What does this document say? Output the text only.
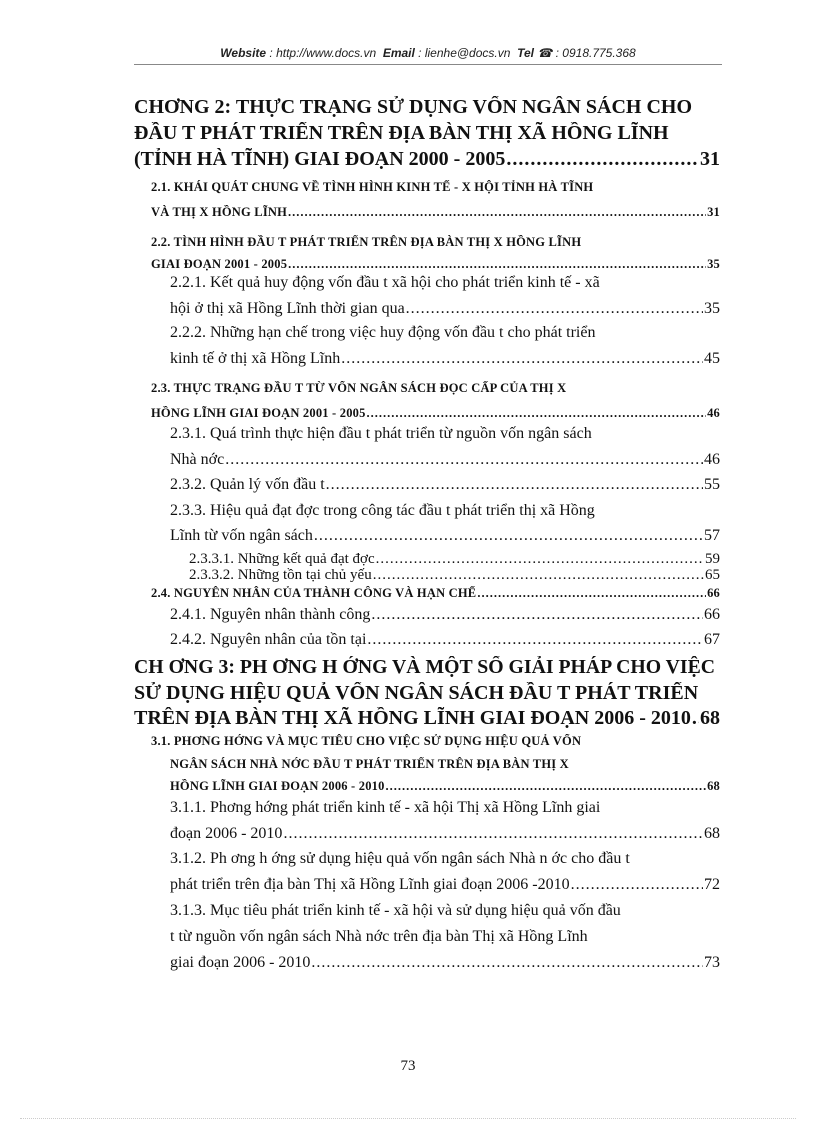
Website : http://www.docs.vn Email : lienhe@docs.vn Tel ☎ : 0918.775.368
CHƠNG 2: THỰC TRẠNG SỬ DỤNG VỐN NGÂN SÁCH CHO
ĐẦU T PHÁT TRIỂN TRÊN ĐỊA BÀN THỊ XÃ HỒNG LĨNH
(TỈNH HÀ TĨNH) GIAI ĐOẠN 2000 - 2005 .....	31
2.1. KHÁI QUÁT CHUNG VỀ TÌNH HÌNH KINH TẾ - X HỘI TỈNH HÀ TĨNH
VÀ THỊ X HỒNG LĨNH .....	31
2.2. TÌNH HÌNH ĐẦU T PHÁT TRIỂN TRÊN ĐỊA BÀN THỊ X HỒNG LĨNH
GIAI ĐOẠN 2001 - 2005 .....	35
2.2.1. Kết quả huy động vốn đầu t xã hội cho phát triển kinh tế - xã
hội ở thị xã Hồng Lĩnh thời gian qua .....	35
2.2.2. Những hạn chế trong việc huy động vốn đầu t cho phát triển
kinh tế ở thị xã Hồng Lĩnh .....	45
2.3. THỰC TRẠNG ĐẦU T TỪ VỐN NGÂN SÁCH ĐỌC CẤP CỦA THỊ X
HỒNG LĨNH GIAI ĐOẠN 2001 - 2005 .....	46
2.3.1. Quá trình thực hiện đầu t phát triển từ nguồn vốn ngân sách
Nhà nớc .....	46
2.3.2. Quản lý vốn đầu t .....	55
2.3.3. Hiệu quả đạt đợc trong công tác đầu t phát triển thị xã Hồng
Lĩnh từ vốn ngân sách .....	57
2.3.3.1. Những kết quả đạt đợc .....	59
2.3.3.2. Những tồn tại chủ yếu .....	65
2.4. NGUYÊN NHÂN CỦA THÀNH CÔNG VÀ HẠN CHẾ .....	66
2.4.1. Nguyên nhân thành công .....	66
2.4.2. Nguyên nhân của tồn tại .....	67
CH ƠNG 3: PH ƠNG H ỚNG VÀ MỘT SỐ GIẢI PHÁP CHO VIỆC
SỬ DỤNG HIỆU QUẢ VỐN NGÂN SÁCH ĐẦU T PHÁT TRIỂN
TRÊN ĐỊA BÀN THỊ XÃ HỒNG LĨNH GIAI ĐOẠN 2006 - 2010 ..... 68
3.1. PHƠNG HỚNG VÀ MỤC TIÊU CHO VIỆC SỬ DỤNG HIỆU QUẢ VỐN
NGÂN SÁCH NHÀ NỚC ĐẦU T PHÁT TRIỂN TRÊN ĐỊA BÀN THỊ X
HỒNG LĨNH GIAI ĐOẠN 2006 - 2010 .....	68
3.1.1. Phơng hớng phát triển kinh tế - xã hội Thị xã Hồng Lĩnh giai
đoạn 2006 - 2010 .....	68
3.1.2. Ph ơng h ớng sử dụng hiệu quả vốn ngân sách Nhà n ớc cho đầu t
phát triển trên địa bàn Thị xã Hồng Lĩnh giai đoạn 2006 -2010 .....	72
3.1.3. Mục tiêu phát triển kinh tế - xã hội và sử dụng hiệu quả vốn đầu
t từ nguồn vốn ngân sách Nhà nớc trên địa bàn Thị xã Hồng Lĩnh
giai đoạn 2006 - 2010 .....	73
73
